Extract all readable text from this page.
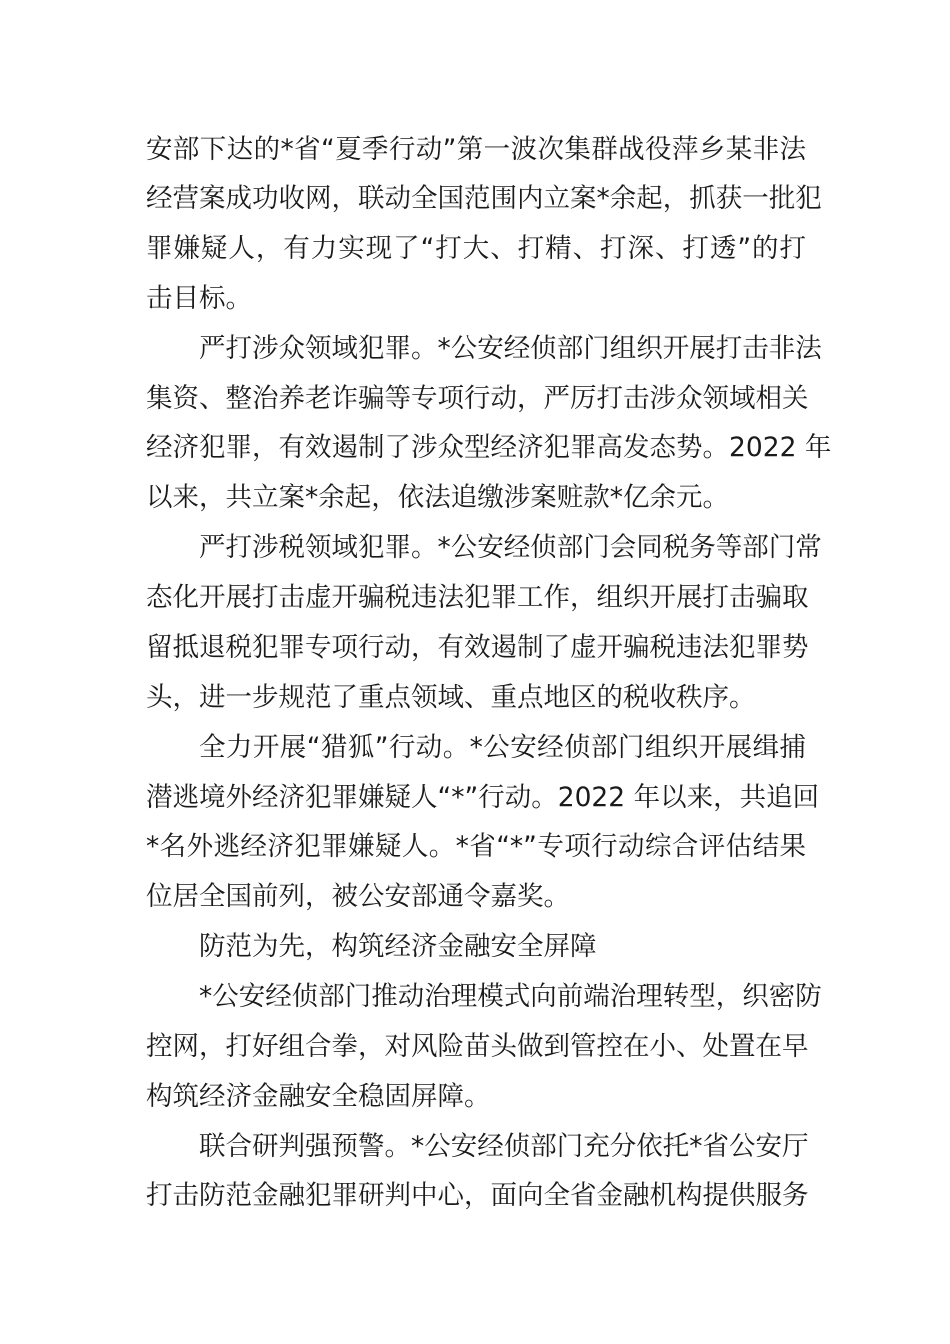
安部下达的*省“夏季行动”第一波次集群战役萍乡某非法
经营案成功收网，联动全国范围内立案*余起，抓获一批犯
罪嫌疑人，有力实现了“打大、打精、打深、打透”的打
击目标。
严打涉众领域犯罪。*公安经侦部门组织开展打击非法
集资、整治养老诈骗等专项行动，严厉打击涉众领域相关
经济犯罪，有效遏制了涉众型经济犯罪高发态势。2022 年
以来，共立案*余起，依法追缴涉案赃款*亿余元。
严打涉税领域犯罪。*公安经侦部门会同税务等部门常
态化开展打击虚开骗税违法犯罪工作，组织开展打击骗取
留抵退税犯罪专项行动，有效遏制了虚开骗税违法犯罪势
头，进一步规范了重点领域、重点地区的税收秩序。
全力开展“猎狐”行动。*公安经侦部门组织开展缉捕
潜逃境外经济犯罪嫌疑人“*”行动。2022 年以来，共追回
*名外逃经济犯罪嫌疑人。*省“*”专项行动综合评估结果
位居全国前列，被公安部通令嘉奖。
防范为先，构筑经济金融安全屏障
*公安经侦部门推动治理模式向前端治理转型，织密防
控网，打好组合拳，对风险苗头做到管控在小、处置在早
构筑经济金融安全稳固屏障。
联合研判强预警。*公安经侦部门充分依托*省公安厅
打击防范金融犯罪研判中心，面向全省金融机构提供服务
